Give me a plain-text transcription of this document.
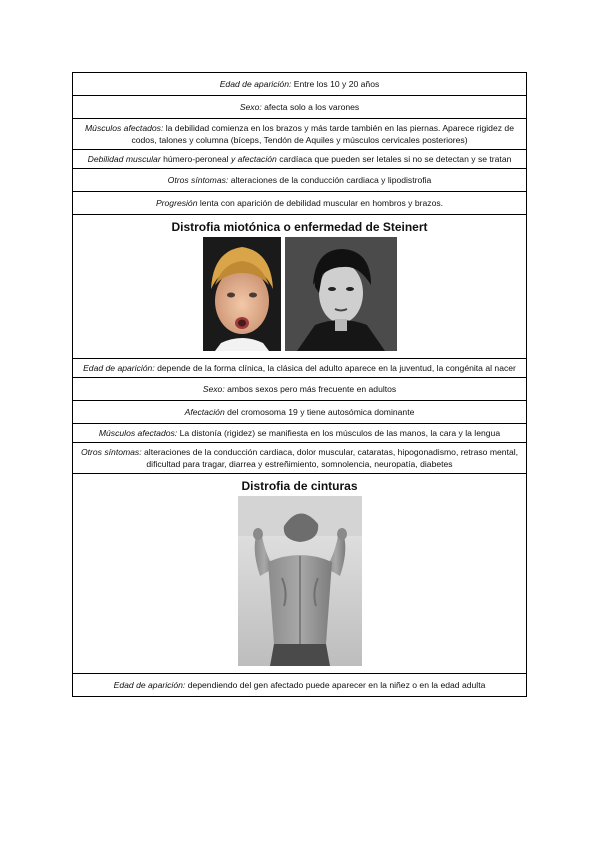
Edad de aparición: Entre los 10 y 20 años
Sexo: afecta solo a los varones
Músculos afectados: la debilidad comienza en los brazos y más tarde también en las piernas. Aparece rigidez de codos, talones y columna (bíceps, Tendón de Aquiles y músculos cervicales posteriores)
Debilidad muscular húmero-peroneal y afectación cardíaca que pueden ser letales si no se detectan y se tratan
Otros síntomas: alteraciones de la conducción cardiaca y lipodistrofia
Progresión lenta con aparición de debilidad muscular en hombros y brazos.

Distrofia miotónica o enfermedad de Steinert

Edad de aparición: depende de la forma clínica, la clásica del adulto aparece en la juventud, la congénita al nacer
Sexo: ambos sexos pero más frecuente en adultos
Afectación del cromosoma 19 y tiene autosómica dominante
Músculos afectados: La distonía (rigidez) se manifiesta en los músculos de las manos, la cara y la lengua
Otros síntomas: alteraciones de la conducción cardiaca, dolor muscular, cataratas, hipogonadismo, retraso mental, dificultad para tragar, diarrea y estreñimiento, somnolencia, neuropatía, diabetes

Distrofia de cinturas

Edad de aparición: dependiendo del gen afectado puede aparecer en la niñez o en la edad adulta
